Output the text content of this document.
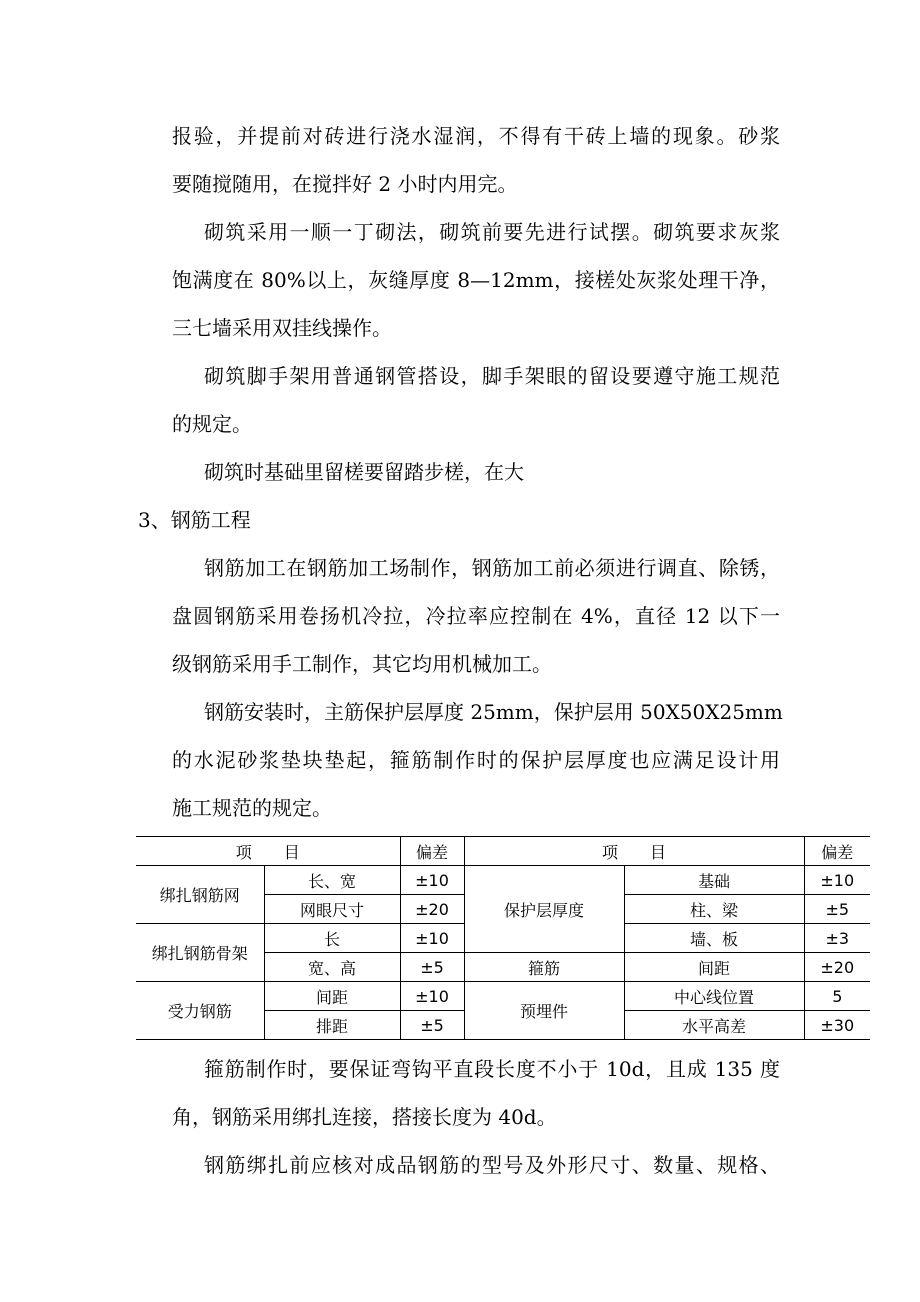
报验，并提前对砖进行浇水湿润，不得有干砖上墙的现象。砂浆
要随搅随用，在搅拌好 2 小时内用完。
砌筑采用一顺一丁砌法，砌筑前要先进行试摆。砌筑要求灰浆
饱满度在 80%以上，灰缝厚度 8—12mm，接槎处灰浆处理干净，
三七墙采用双挂线操作。
砌筑脚手架用普通钢管搭设，脚手架眼的留设要遵守施工规范
的规定。
砌筑时基础里留槎要留踏步槎，在大
3、钢筋工程
钢筋加工在钢筋加工场制作，钢筋加工前必须进行调直、除锈，
盘圆钢筋采用卷扬机冷拉，冷拉率应控制在 4%，直径 12 以下一
级钢筋采用手工制作，其它均用机械加工。
钢筋安装时，主筋保护层厚度 25mm，保护层用 50X50X25mm
的水泥砂浆垫块垫起，箍筋制作时的保护层厚度也应满足设计用
施工规范的规定。
项　　目		偏差	项　　目		偏差
绑扎钢筋网	长、宽	±10	保护层厚度	基础	±10
	网眼尺寸	±20		柱、梁	±5
绑扎钢筋骨架	长	±10		墙、板	±3
	宽、高	±5	箍筋	间距	±20
受力钢筋	间距	±10	预埋件	中心线位置	5
	排距	±5		水平高差	±30
箍筋制作时，要保证弯钩平直段长度不小于 10d，且成 135 度
角，钢筋采用绑扎连接，搭接长度为 40d。
钢筋绑扎前应核对成品钢筋的型号及外形尺寸、数量、规格、
